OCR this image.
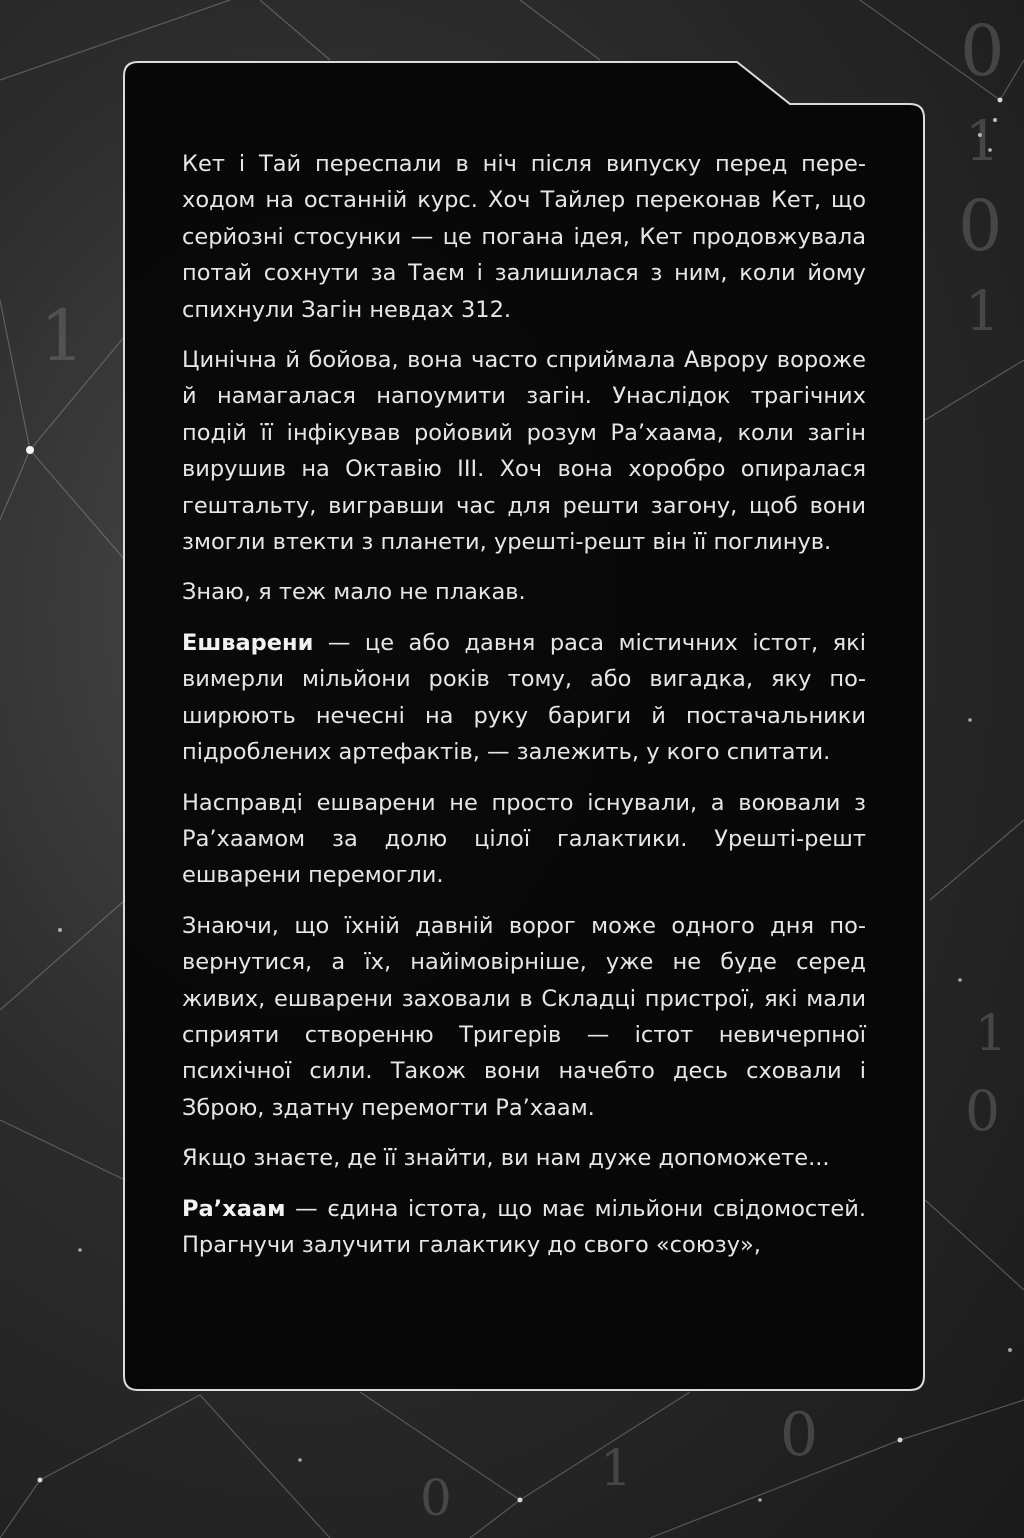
0
1
0
1
1
0
0
1
0
1

Кет і Тай переспали в ніч після випуску перед переходом на останній курс. Хоч Тайлер переконав Кет, що серйозні стосунки — це погана ідея, Кет продовжувала потай сохнути за Таєм і залишилася з ним, коли йому спихнули Загін невдах 312.

Цинічна й бойова, вона часто сприймала Аврору вороже й намагалася напоумити загін. Унаслідок трагічних подій її інфікував ройовий розум Ра’хаама, коли загін вирушив на Октавію ІІІ. Хоч вона хоробро опиралася гештальту, вигравши час для решти загону, щоб вони змогли втекти з планети, урешті-решт він її поглинув.

Знаю, я теж мало не плакав.

Ешварени — це або давня раса містичних істот, які вимерли мільйони років тому, або вигадка, яку поширюють нечесні на руку бариги й постачальники підроблених артефактів, — залежить, у кого спитати.

Насправді ешварени не просто існували, а воювали з Ра’хаамом за долю цілої галактики. Урешті-решт ешварени перемогли.

Знаючи, що їхній давній ворог може одного дня повернутися, а їх, найімовірніше, уже не буде серед живих, ешварени заховали в Складці пристрої, які мали сприяти створенню Тригерів — істот невичерпної психічної сили. Також вони начебто десь сховали і Зброю, здатну перемогти Ра’хаам.

Якщо знаєте, де її знайти, ви нам дуже допоможете...

Ра’хаам — єдина істота, що має мільйони свідомостей. Прагнучи залучити галактику до свого «союзу»,
